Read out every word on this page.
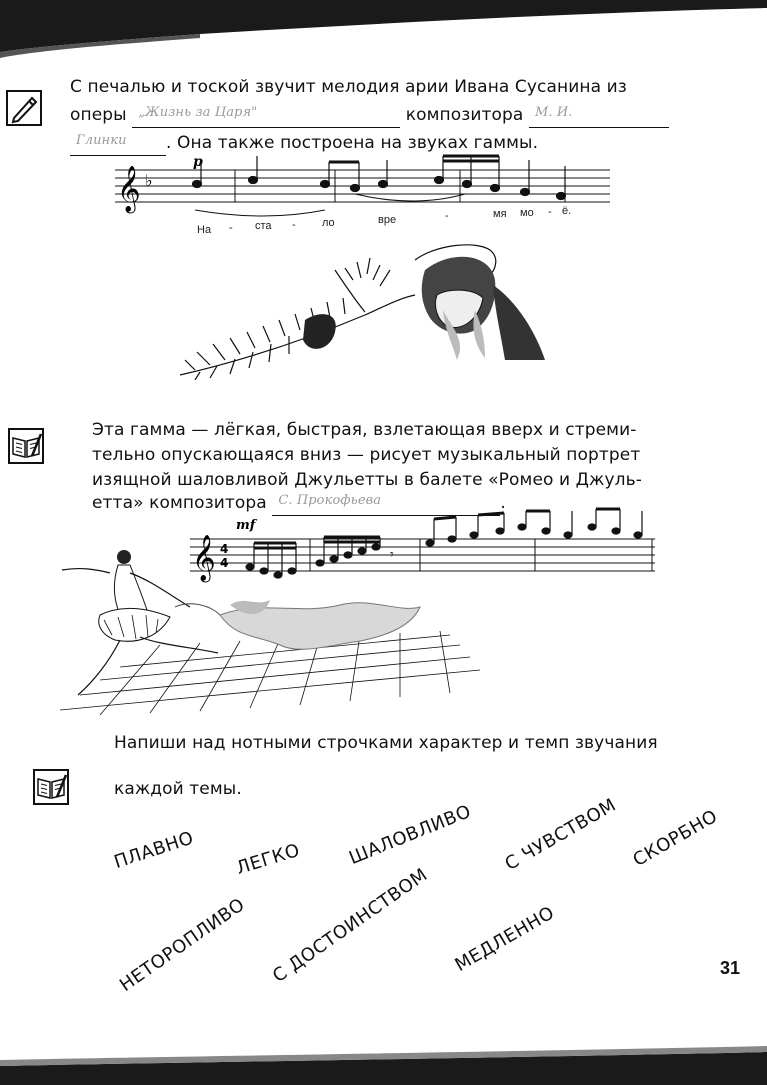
С печалью и тоской звучит мелодия арии Ивана Сусанина из
оперы „Жизнь за Царя"	композитора М. И.
Глинки . Она также построена на звуках гаммы.
𝄞 ♭
p
На - ста - ло	вре	-	мя мо - ё.
Эта гамма — лёгкая, быстрая, взлетающая вверх и стреми-
тельно опускающаяся вниз — рисует музыкальный портрет
изящной шаловливой Джульетты в балете «Ромео и Джуль-
етта» композитора С. Прокофьева	.
𝄞 4
4
mf
𝄾
Напиши над нотными строчками характер и темп звучания
каждой темы.
ПЛАВНО ЛЕГКО ШАЛОВЛИВО С ЧУВСТВОМ СКОРБНО
НЕТОРОПЛИВО С ДОСТОИНСТВОМ МЕДЛЕННО	31
